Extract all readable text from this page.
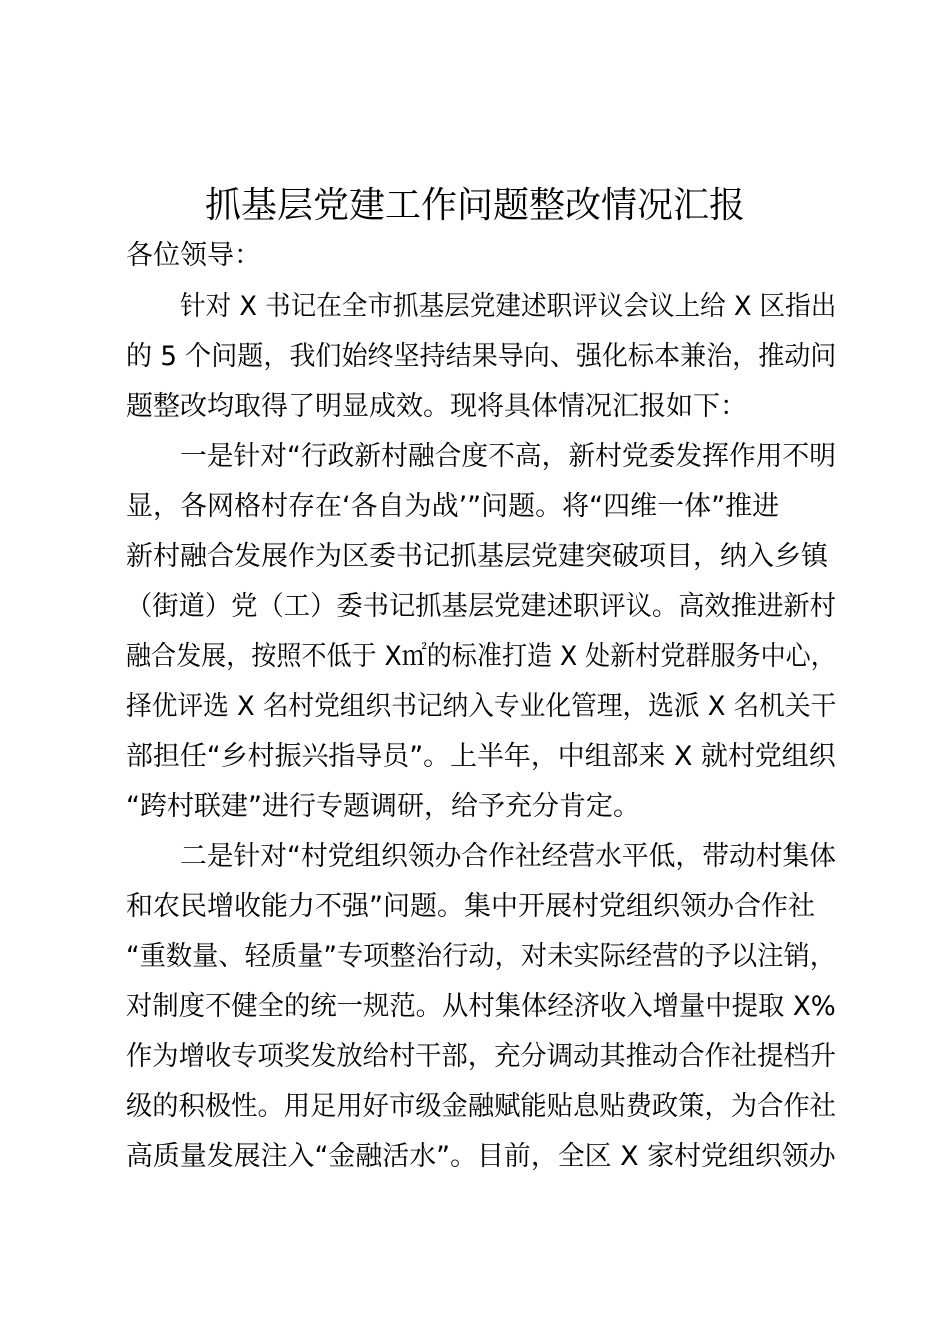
抓基层党建工作问题整改情况汇报
各位领导：
针对 X 书记在全市抓基层党建述职评议会议上给 X 区指出
的 5 个问题，我们始终坚持结果导向、强化标本兼治，推动问
题整改均取得了明显成效。现将具体情况汇报如下：
一是针对“行政新村融合度不高，新村党委发挥作用不明
显，各网格村存在‘各自为战’”问题。将“四维一体”推进
新村融合发展作为区委书记抓基层党建突破项目，纳入乡镇
（街道）党（工）委书记抓基层党建述职评议。高效推进新村
融合发展，按照不低于 X㎡的标准打造 X 处新村党群服务中心，
择优评选 X 名村党组织书记纳入专业化管理，选派 X 名机关干
部担任“乡村振兴指导员”。上半年，中组部来 X 就村党组织
“跨村联建”进行专题调研，给予充分肯定。
二是针对“村党组织领办合作社经营水平低，带动村集体
和农民增收能力不强”问题。集中开展村党组织领办合作社
“重数量、轻质量”专项整治行动，对未实际经营的予以注销，
对制度不健全的统一规范。从村集体经济收入增量中提取 X%
作为增收专项奖发放给村干部，充分调动其推动合作社提档升
级的积极性。用足用好市级金融赋能贴息贴费政策，为合作社
高质量发展注入“金融活水”。目前，全区 X 家村党组织领办
